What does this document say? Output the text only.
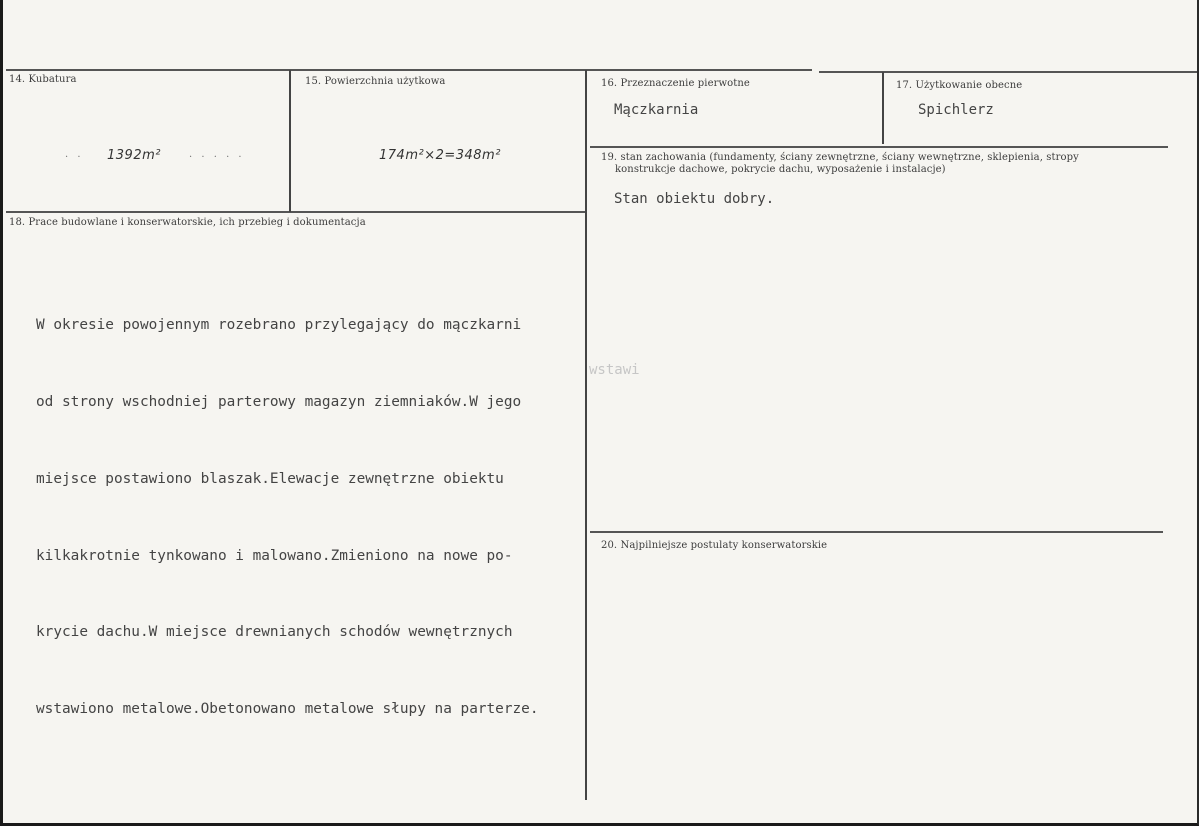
14. Kubatura
· · 1392m²	· · · · ·
15. Powierzchnia użytkowa
174m²×2=348m²
16. Przeznaczenie pierwotne
Mączkarnia
17. Użytkowanie obecne
Spichlerz
18. Prace budowlane i konserwatorskie, ich przebieg i dokumentacja

W okresie powojennym rozebrano przylegający do mączkarni

od strony wschodniej parterowy magazyn ziemniaków.W jego

miejsce postawiono blaszak.Elewacje zewnętrzne obiektu

kilkakrotnie tynkowano i malowano.Zmieniono na nowe po-

krycie dachu.W miejsce drewnianych schodów wewnętrznych

wstawiono metalowe.Obetonowano metalowe słupy na parterze.

wstawi
19. stan zachowania (fundamenty, ściany zewnętrzne, ściany wewnętrzne, sklepienia, stropy
konstrukcje dachowe, pokrycie dachu, wyposażenie i instalacje)
Stan obiektu dobry.
20. Najpilniejsze postulaty konserwatorskie
